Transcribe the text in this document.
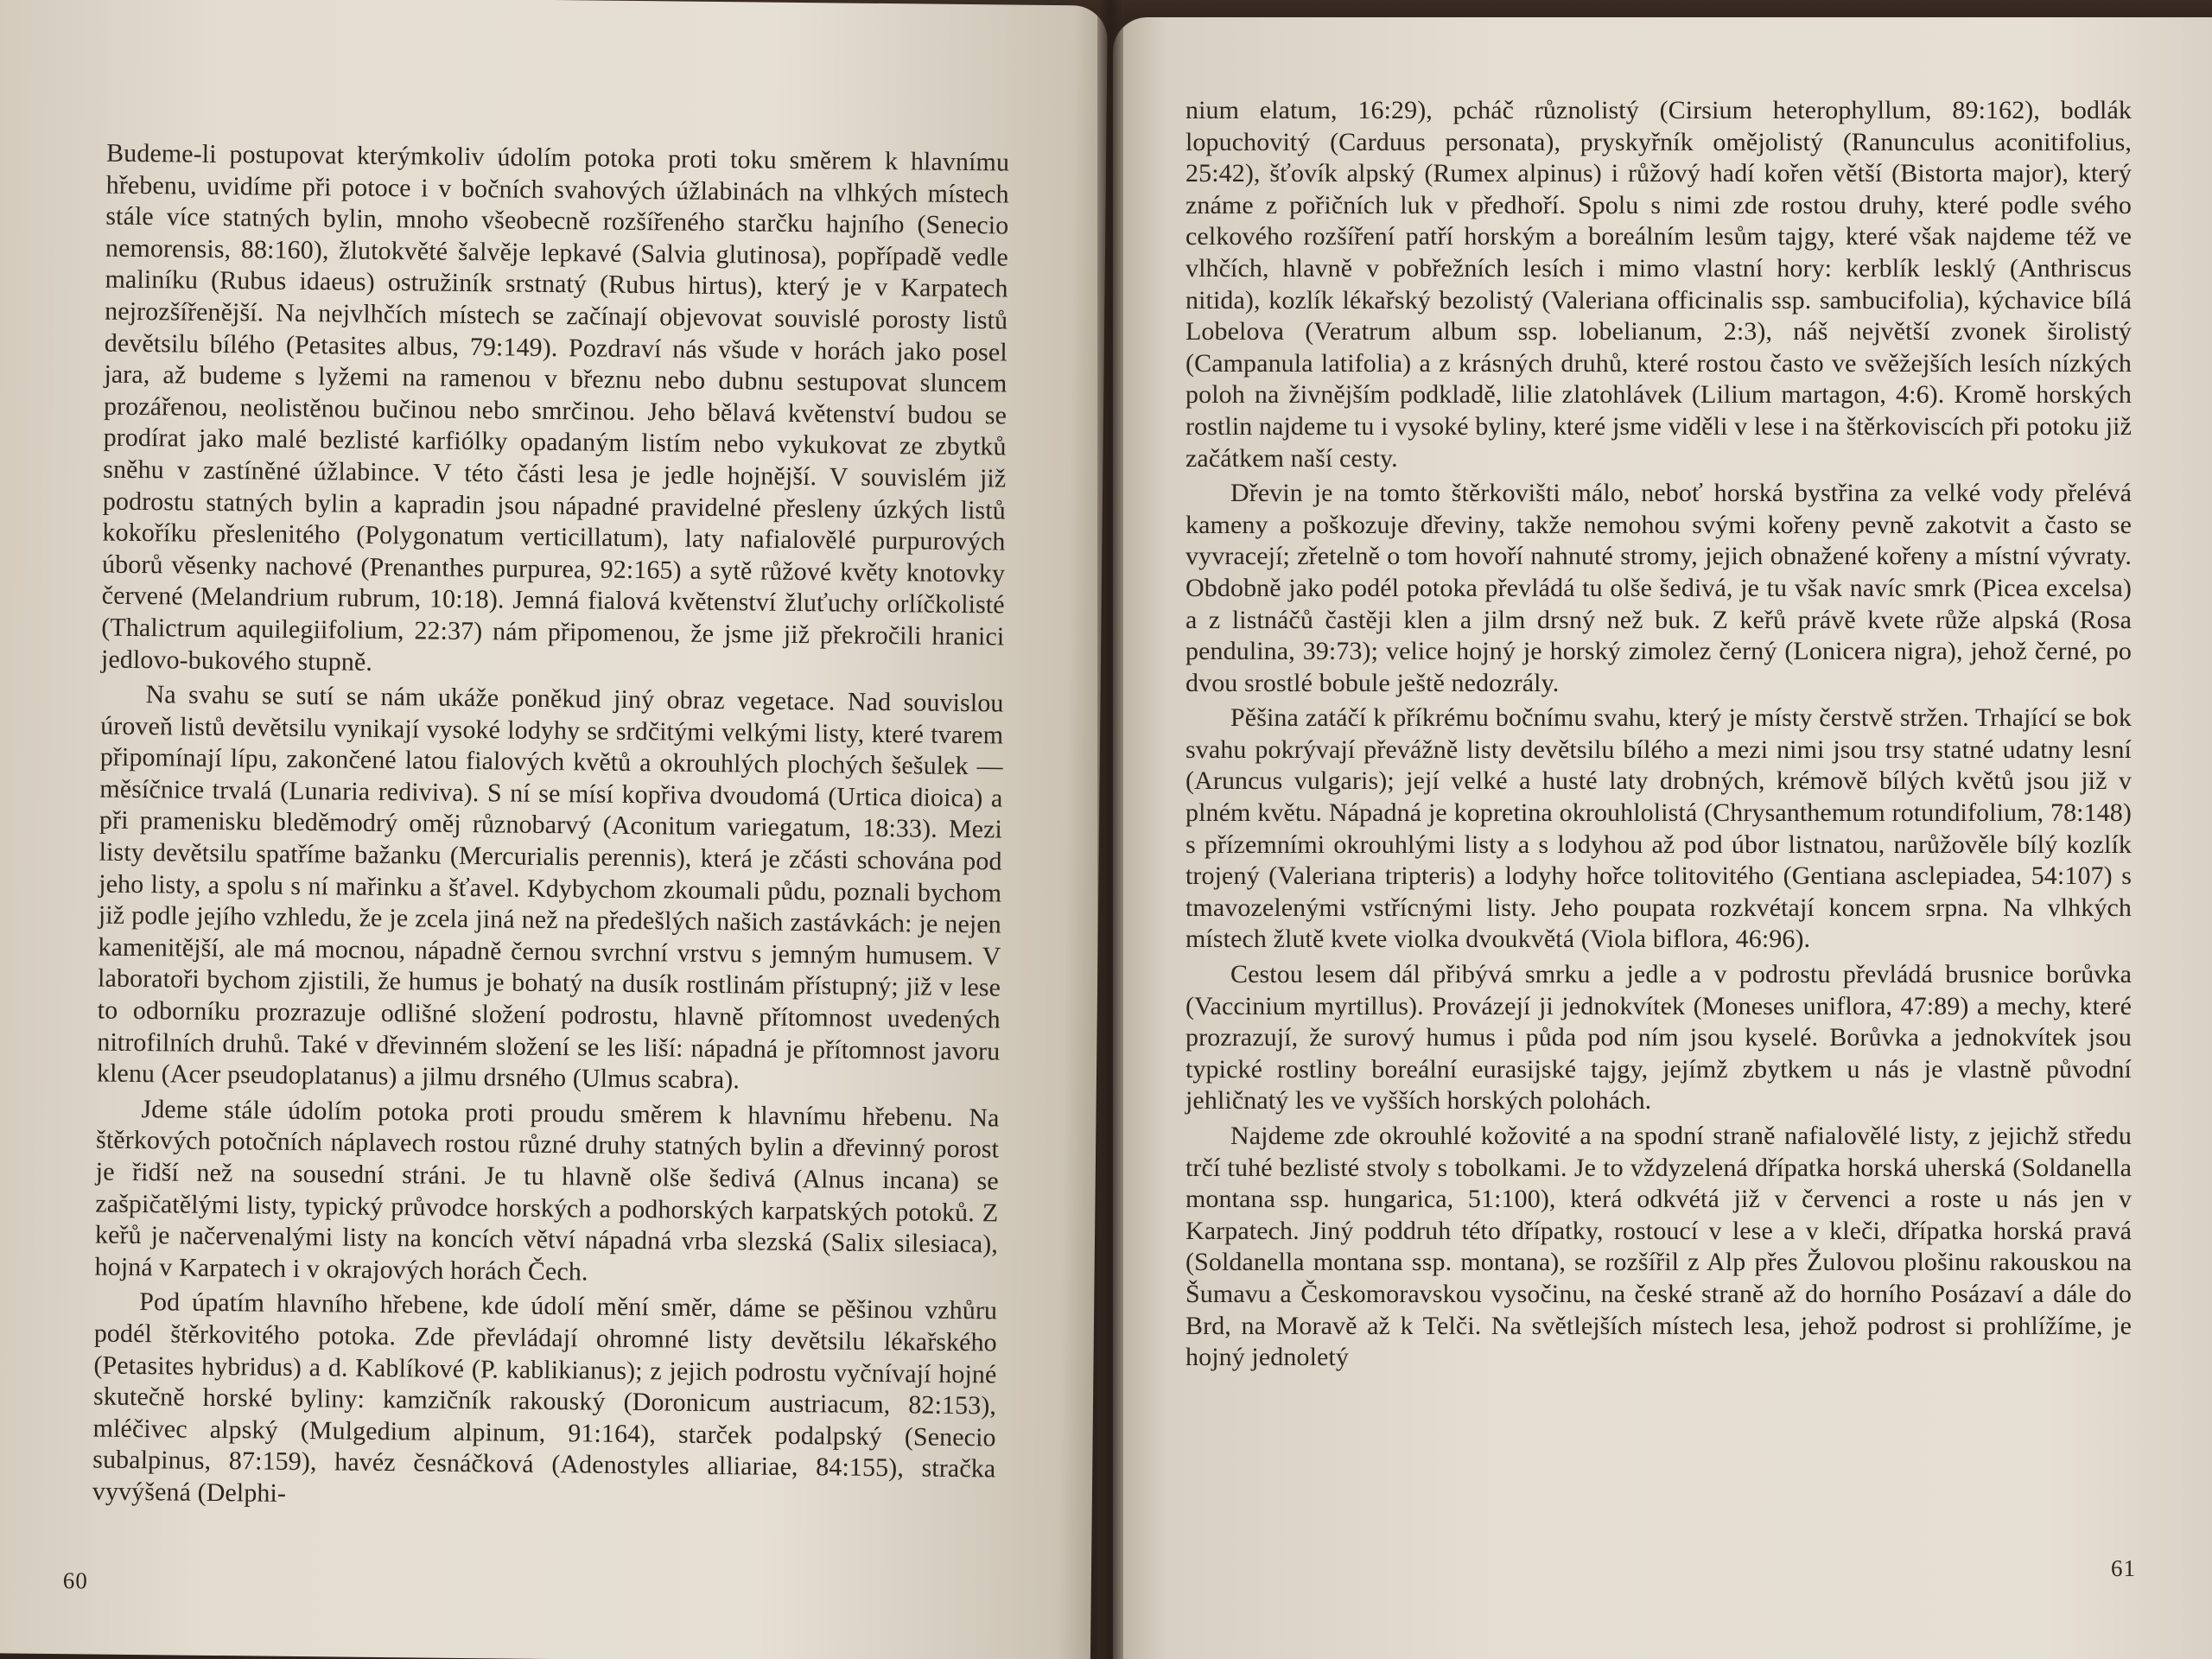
Budeme-li postupovat kterýmkoliv údolím potoka proti toku směrem k hlavnímu hřebenu, uvidíme při potoce i v bočních svahových úžlabinách na vlhkých místech stále více statných bylin, mnoho všeobecně rozšířeného starčku hajního (Senecio nemorensis, 88:160), žlutokvěté šalvěje lepkavé (Salvia glutinosa), popřípadě vedle maliníku (Rubus idaeus) ostružiník srstnatý (Rubus hirtus), který je v Karpatech nejrozšířenější. Na nejvlhčích místech se začínají objevovat souvislé porosty listů devětsilu bílého (Petasites albus, 79:149). Pozdraví nás všude v horách jako posel jara, až budeme s lyžemi na ramenou v březnu nebo dubnu sestupovat sluncem prozářenou, neolistěnou bučinou nebo smrčinou. Jeho bělavá květenství budou se prodírat jako malé bezlisté karfiólky opadaným listím nebo vykukovat ze zbytků sněhu v zastíněné úžlabince. V této části lesa je jedle hojnější. V souvislém již podrostu statných bylin a kapradin jsou nápadné pravidelné přesleny úzkých listů kokoříku přeslenitého (Polygonatum verticillatum), laty nafialovělé purpurových úborů věsenky nachové (Prenanthes purpurea, 92:165) a sytě růžové květy knotovky červené (Melandrium rubrum, 10:18). Jemná fialová květenství žluťuchy orlíčkolisté (Thalictrum aquilegiifolium, 22:37) nám připomenou, že jsme již překročili hranici jedlovo-bukového stupně.

Na svahu se sutí se nám ukáže poněkud jiný obraz vegetace. Nad souvislou úroveň listů devětsilu vynikají vysoké lodyhy se srdčitými velkými listy, které tvarem připomínají lípu, zakončené latou fialových květů a okrouhlých plochých šešulek — měsíčnice trvalá (Lunaria rediviva). S ní se mísí kopřiva dvoudomá (Urtica dioica) a při pramenisku bleděmodrý oměj různobarvý (Aconitum variegatum, 18:33). Mezi listy devětsilu spatříme bažanku (Mercurialis perennis), která je zčásti schována pod jeho listy, a spolu s ní mařinku a šťavel. Kdybychom zkoumali půdu, poznali bychom již podle jejího vzhledu, že je zcela jiná než na předešlých našich zastávkách: je nejen kamenitější, ale má mocnou, nápadně černou svrchní vrstvu s jemným humusem. V laboratoři bychom zjistili, že humus je bohatý na dusík rostlinám přístupný; již v lese to odborníku prozrazuje odlišné složení podrostu, hlavně přítomnost uvedených nitrofilních druhů. Také v dřevinném složení se les liší: nápadná je přítomnost javoru klenu (Acer pseudoplatanus) a jilmu drsného (Ulmus scabra).

Jdeme stále údolím potoka proti proudu směrem k hlavnímu hřebenu. Na štěrkových potočních náplavech rostou různé druhy statných bylin a dřevinný porost je řidší než na sousední stráni. Je tu hlavně olše šedivá (Alnus incana) se zašpičatělými listy, typický průvodce horských a podhorských karpatských potoků. Z keřů je načervenalými listy na koncích větví nápadná vrba slezská (Salix silesiaca), hojná v Karpatech i v okrajových horách Čech.

Pod úpatím hlavního hřebene, kde údolí mění směr, dáme se pěšinou vzhůru podél štěrkovitého potoka. Zde převládají ohromné listy devětsilu lékařského (Petasites hybridus) a d. Kablíkové (P. kablikianus); z jejich podrostu vyčnívají hojné skutečně horské byliny: kamzičník rakouský (Doronicum austriacum, 82:153), mléčivec alpský (Mulgedium alpinum, 91:164), starček podalpský (Senecio subalpinus, 87:159), havéz česnáčková (Adenostyles alliariae, 84:155), stračka vyvýšená (Delphi-

60

nium elatum, 16:29), pcháč různolistý (Cirsium heterophyllum, 89:162), bodlák lopuchovitý (Carduus personata), pryskyřník omějolistý (Ranunculus aconitifolius, 25:42), šťovík alpský (Rumex alpinus) i růžový hadí kořen větší (Bistorta major), který známe z pořičních luk v předhoří. Spolu s nimi zde rostou druhy, které podle svého celkového rozšíření patří horským a boreálním lesům tajgy, které však najdeme též ve vlhčích, hlavně v pobřežních lesích i mimo vlastní hory: kerblík lesklý (Anthriscus nitida), kozlík lékařský bezolistý (Valeriana officinalis ssp. sambucifolia), kýchavice bílá Lobelova (Veratrum album ssp. lobelianum, 2:3), náš největší zvonek širolistý (Campanula latifolia) a z krásných druhů, které rostou často ve svěžejších lesích nízkých poloh na živnějším podkladě, lilie zlatohlávek (Lilium martagon, 4:6). Kromě horských rostlin najdeme tu i vysoké byliny, které jsme viděli v lese i na štěrkoviscích při potoku již začátkem naší cesty.

Dřevin je na tomto štěrkovišti málo, neboť horská bystřina za velké vody přelévá kameny a poškozuje dřeviny, takže nemohou svými kořeny pevně zakotvit a často se vyvracejí; zřetelně o tom hovoří nahnuté stromy, jejich obnažené kořeny a místní vývraty. Obdobně jako podél potoka převládá tu olše šedivá, je tu však navíc smrk (Picea excelsa) a z listnáčů častěji klen a jilm drsný než buk. Z keřů právě kvete růže alpská (Rosa pendulina, 39:73); velice hojný je horský zimolez černý (Lonicera nigra), jehož černé, po dvou srostlé bobule ještě nedozrály.

Pěšina zatáčí k příkrému bočnímu svahu, který je místy čerstvě stržen. Trhající se bok svahu pokrývají převážně listy devětsilu bílého a mezi nimi jsou trsy statné udatny lesní (Aruncus vulgaris); její velké a husté laty drobných, krémově bílých květů jsou již v plném květu. Nápadná je kopretina okrouhlolistá (Chrysanthemum rotundifolium, 78:148) s přízemními okrouhlými listy a s lodyhou až pod úbor listnatou, narůžověle bílý kozlík trojený (Valeriana tripteris) a lodyhy hořce tolitovitého (Gentiana asclepiadea, 54:107) s tmavozelenými vstřícnými listy. Jeho poupata rozkvétají koncem srpna. Na vlhkých místech žlutě kvete violka dvoukvětá (Viola biflora, 46:96).

Cestou lesem dál přibývá smrku a jedle a v podrostu převládá brusnice borůvka (Vaccinium myrtillus). Provázejí ji jednokvítek (Moneses uniflora, 47:89) a mechy, které prozrazují, že surový humus i půda pod ním jsou kyselé. Borůvka a jednokvítek jsou typické rostliny boreální eurasijské tajgy, jejímž zbytkem u nás je vlastně původní jehličnatý les ve vyšších horských polohách.

Najdeme zde okrouhlé kožovité a na spodní straně nafialovělé listy, z jejichž středu trčí tuhé bezlisté stvoly s tobolkami. Je to vždyzelená dřípatka horská uherská (Soldanella montana ssp. hungarica, 51:100), která odkvétá již v červenci a roste u nás jen v Karpatech. Jiný poddruh této dřípatky, rostoucí v lese a v kleči, dřípatka horská pravá (Soldanella montana ssp. montana), se rozšířil z Alp přes Žulovou plošinu rakouskou na Šumavu a Českomoravskou vysočinu, na české straně až do horního Posázaví a dále do Brd, na Moravě až k Telči. Na světlejších místech lesa, jehož podrost si prohlížíme, je hojný jednoletý

61
